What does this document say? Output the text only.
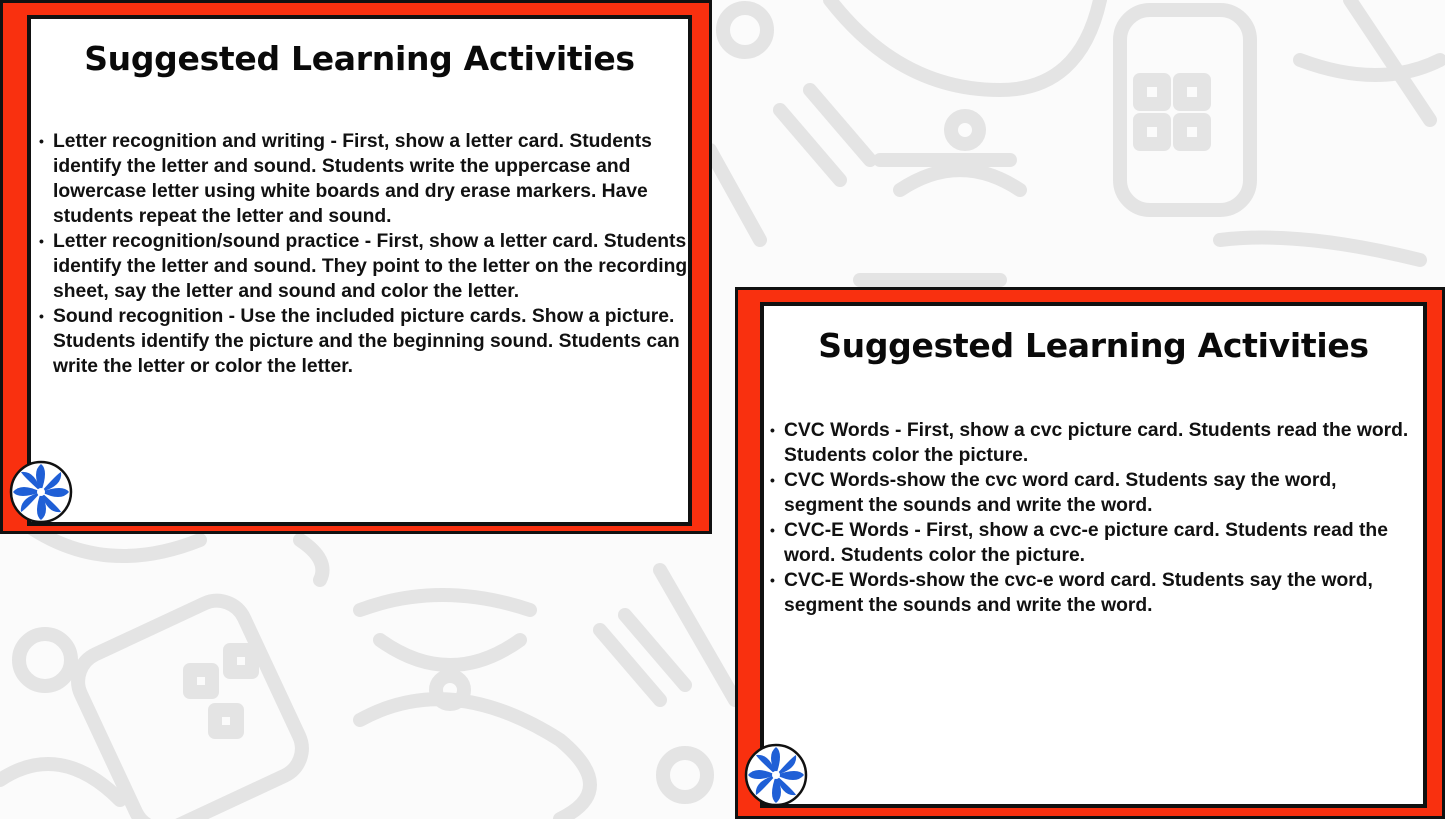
Suggested Learning Activities
• Letter recognition and writing - First, show a letter card. Students identify the letter and sound. Students write the uppercase and lowercase letter using white boards and dry erase markers. Have students repeat the letter and sound.
• Letter recognition/sound practice - First, show a letter card. Students identify the letter and sound. They point to the letter on the recording sheet, say the letter and sound and color the letter.
• Sound recognition - Use the included picture cards. Show a picture. Students identify the picture and the beginning sound. Students can write the letter or color the letter.
Suggested Learning Activities
• CVC Words - First, show a cvc picture card. Students read the word. Students color the picture.
• CVC Words-show the cvc word card. Students say the word, segment the sounds and write the word.
• CVC-E Words - First, show a cvc-e picture card. Students read the word. Students color the picture.
• CVC-E Words-show the cvc-e word card. Students say the word, segment the sounds and write the word.
